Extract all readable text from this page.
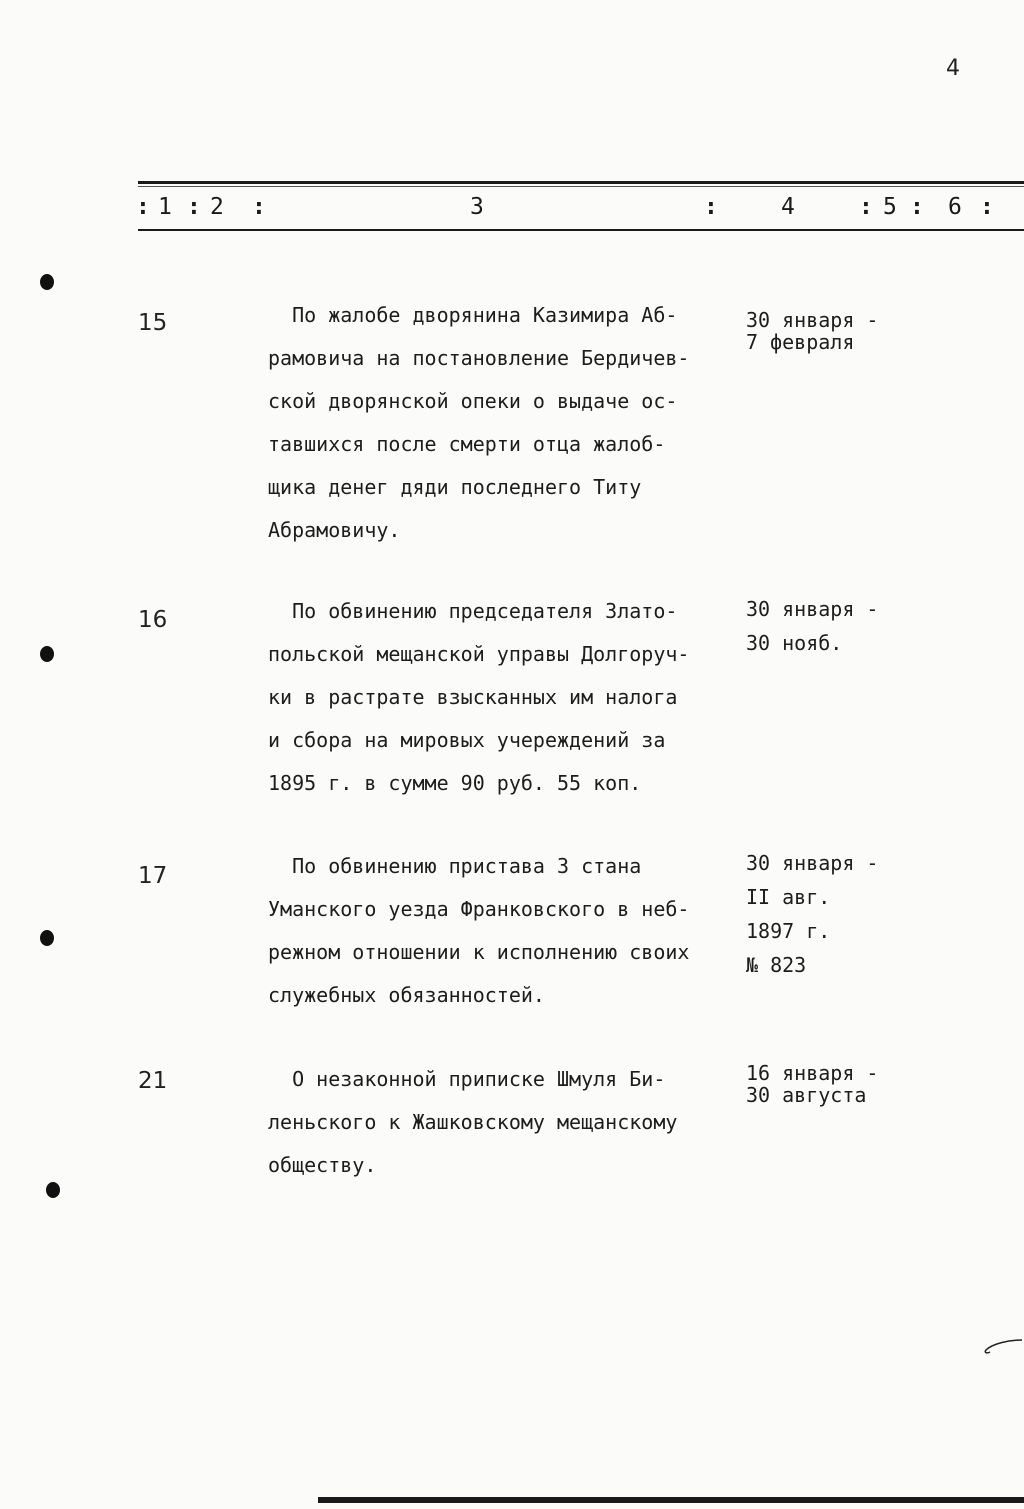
4
: 1 : 2 :	3	:	4	: 5 : 6 :
15	По жалобе дворянина Казимира Аб-
рамовича на постановление Бердичев-
ской дворянской опеки о выдаче ос-
тавшихся после смерти отца жалоб-
щика денег дяди последнего Титу
Абрамовичу.
30 января -
7 февраля
16	По обвинению председателя Злато-
польской мещанской управы Долгоруч-
ки в растрате взысканных им налога
и сбора на мировых учереждений за
1895 г. в сумме 90 руб. 55 коп.
30 января -
30 нояб.
17	По обвинению пристава 3 стана
Уманского уезда Франковского в неб-
режном отношении к исполнению своих
служебных обязанностей.
30 января -
II авг.
1897 г.
№ 823
21	О незаконной приписке Шмуля Би-
леньского к Жашковскому мещанскому
обществу.
16 января -
30 августа
